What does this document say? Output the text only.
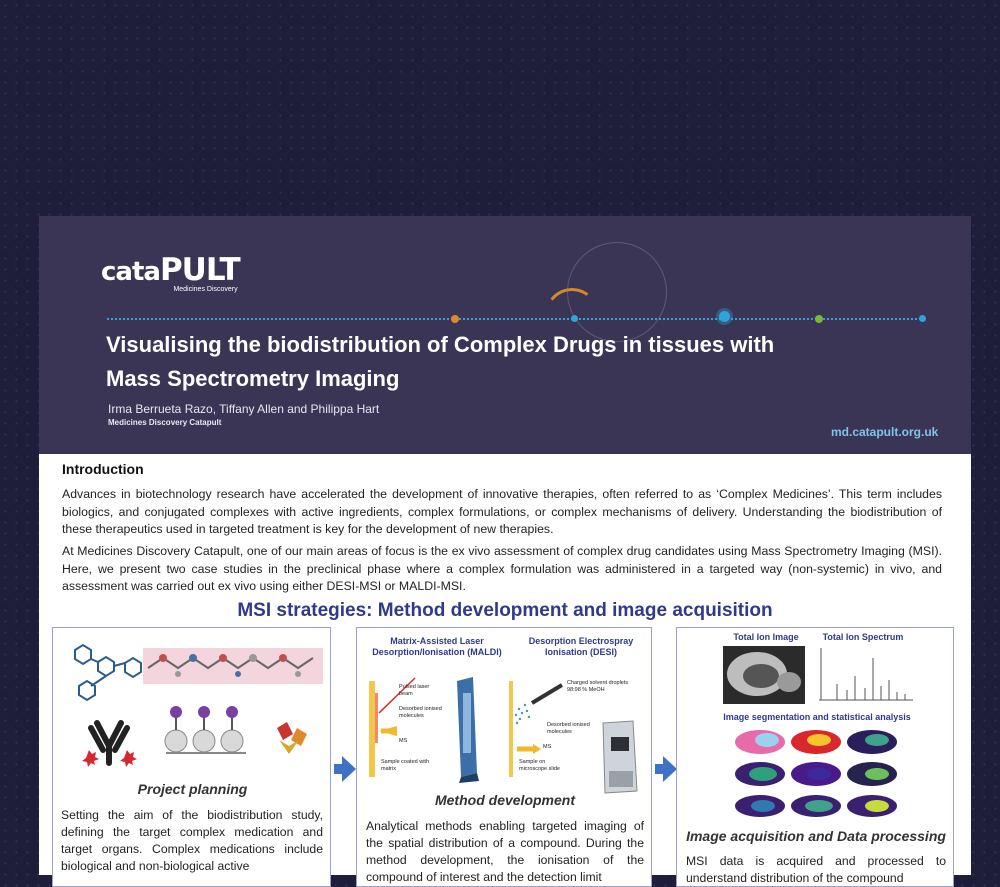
cataPULT
Medicines Discovery
Visualising the biodistribution of Complex Drugs in tissues with Mass Spectrometry Imaging
Irma Berrueta Razo, Tiffany Allen and Philippa Hart
Medicines Discovery Catapult
md.catapult.org.uk
Introduction

Advances in biotechnology research have accelerated the development of innovative therapies, often referred to as ‘Complex Medicines’. This term includes biologics, and conjugated complexes with active ingredients, complex formulations, or complex mechanisms of delivery. Understanding the biodistribution of these therapeutics used in targeted treatment is key for the development of new therapies.

At Medicines Discovery Catapult, one of our main areas of focus is the ex vivo assessment of complex drug candidates using Mass Spectrometry Imaging (MSI). Here, we present two case studies in the preclinical phase where a complex formulation was administered in a targeted way (non-systemic) in vivo, and assessment was carried out ex vivo using either DESI-MSI or MALDI-MSI.

MSI strategies: Method development and image acquisition
Project planning

Setting the aim of the biodistribution study, defining the target complex medication and target organs. Complex medications include biological and non-biological active

Matrix-Assisted Laser Desorption/Ionisation (MALDI)
Desorption Electrospray Ionisation (DESI)
Pulsed laser beam
Desorbed ionised molecules
MS
Sample coated with matrix
Charged solvent droplets 98:98 % MeOH
Desorbed ionised molecules
MS
Sample on microscope slide
Method development

Analytical methods enabling targeted imaging of the spatial distribution of a compound. During the method development, the ionisation of the compound of interest and the detection limit

Total Ion Image	Total Ion Spectrum
Image segmentation and statistical analysis
Image acquisition and Data processing

MSI data is acquired and processed to understand distribution of the compound
